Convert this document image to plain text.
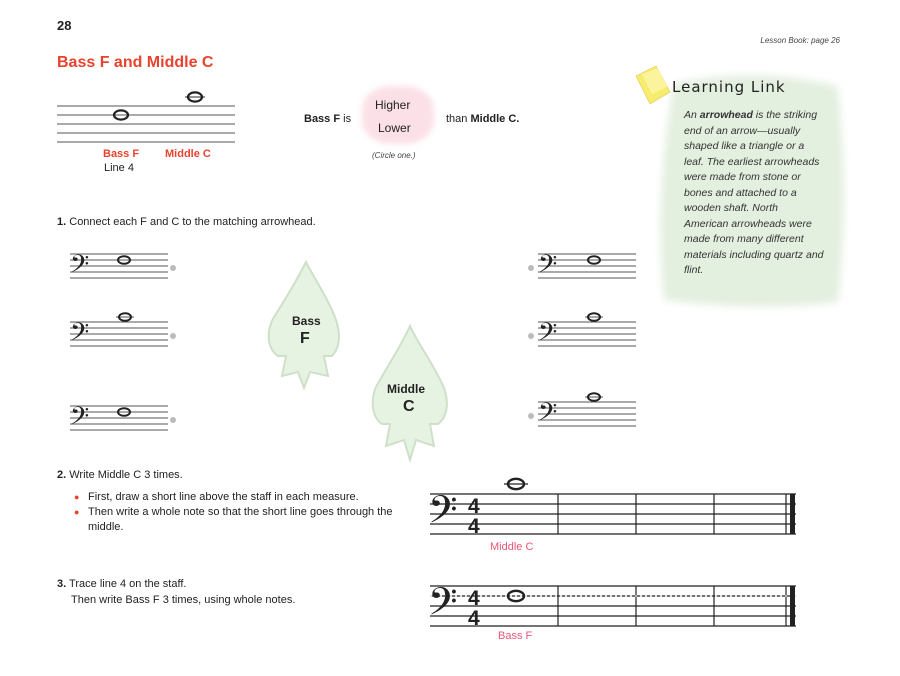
28
Lesson Book: page 26
Bass F and Middle C
Bass F
Line 4
Middle C
Bass F is
Higher
Lower
than Middle C.
(Circle one.)
Learning Link
An arrowhead is the striking end of an arrow—usually shaped like a triangle or a leaf. The earliest arrowheads were made from stone or bones and attached to a wooden shaft. North American arrowheads were made from many different materials including quartz and flint.
1. Connect each F and C to the matching arrowhead.
𝄢
𝄢
𝄢
Bass
F
Middle
C
𝄢
𝄢
𝄢
2. Write Middle C 3 times.
● First, draw a short line above the staff in each measure.
● Then write a whole note so that the short line goes through the middle.	𝄢 4
4
Middle C
3. Trace line 4 on the staff.
Then write Bass F 3 times, using whole notes.	𝄢 4
4
Bass F
